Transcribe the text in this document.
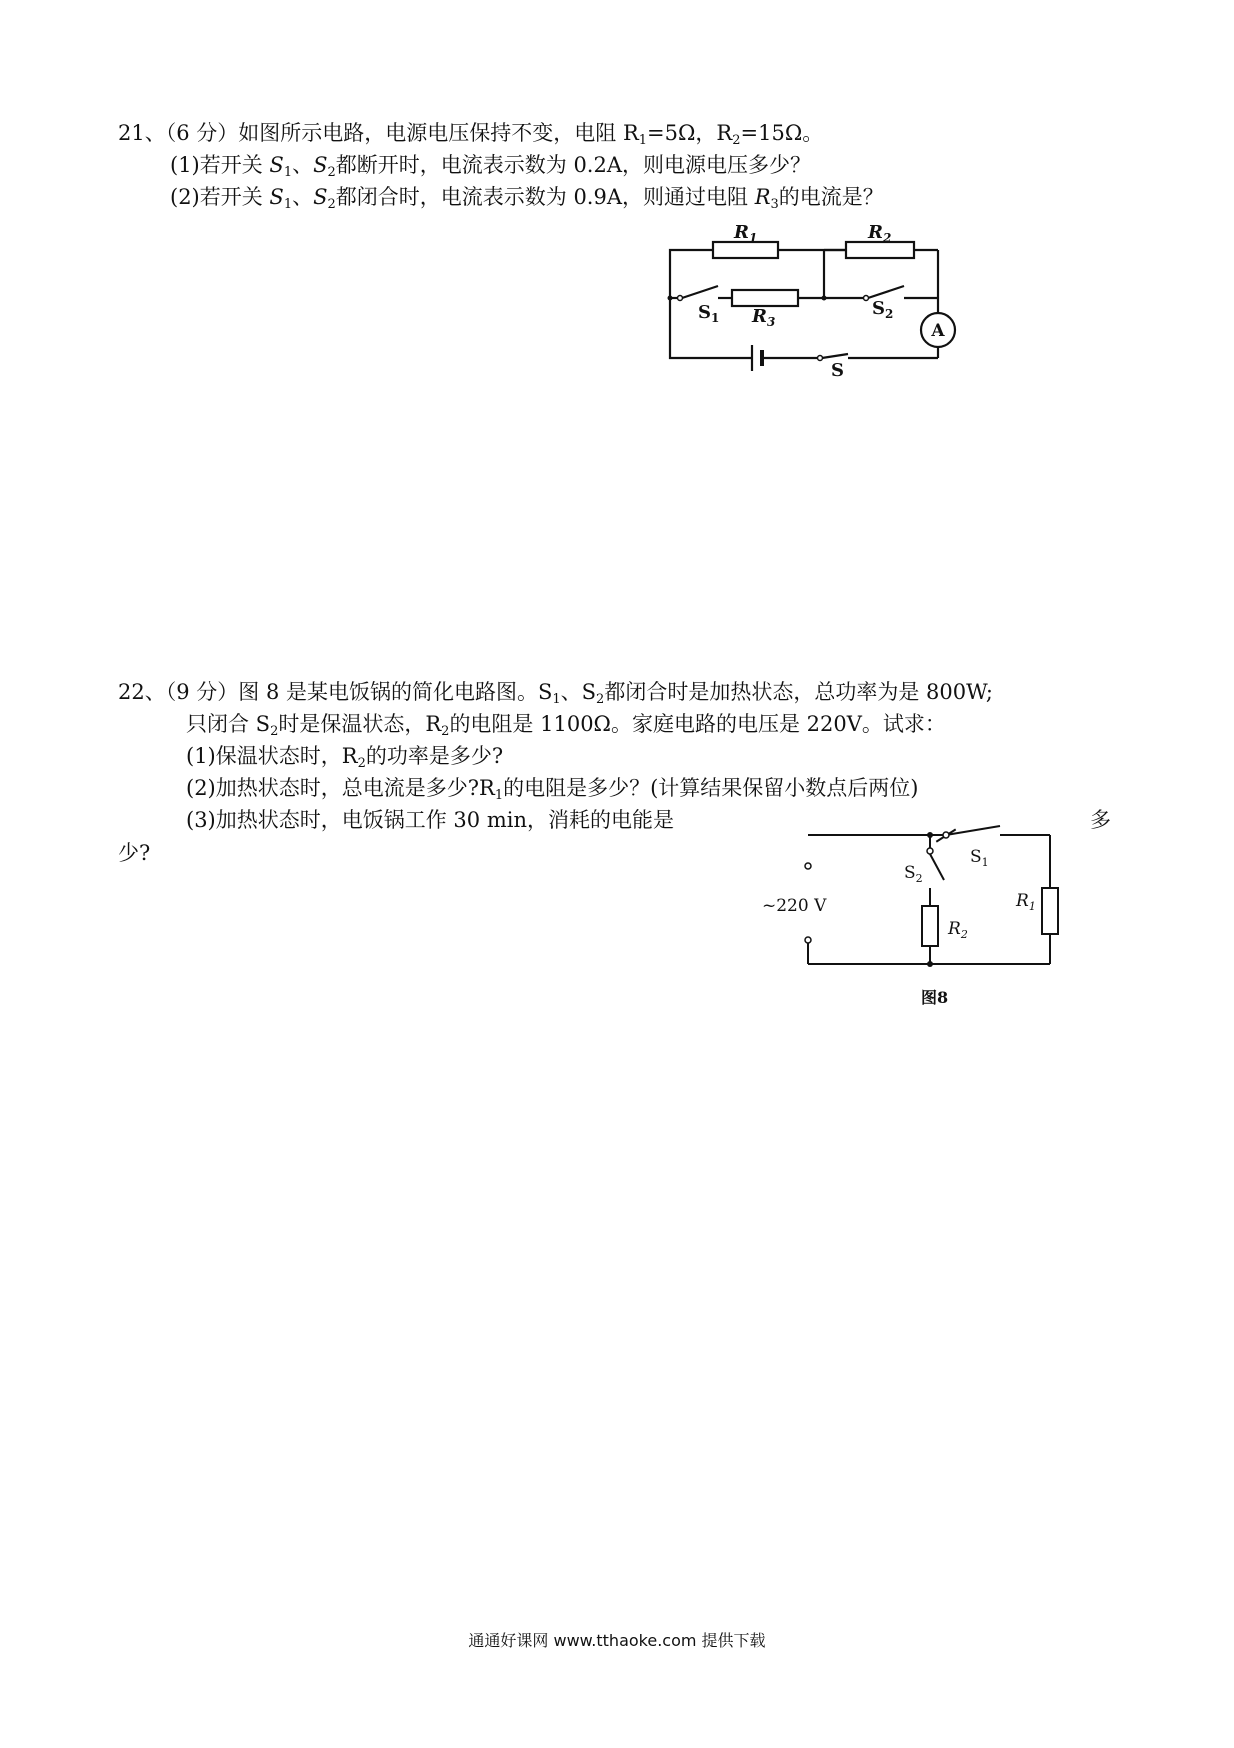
21、（6 分）如图所示电路，电源电压保持不变，电阻 $R_1=5\Omega$，$R_2=15\Omega$。
(1)若开关 $S_1$、$S_2$都断开时，电流表示数为 0.2A，则电源电压多少？
(2)若开关 $S_1$、$S_2$都闭合时，电流表示数为 0.9A，则通过电阻 $R_3$的电流是？
$R_1$	$R_2$
$R_3$
$S_1$	$S_2$
S
A
22、（9 分）图 8 是某电饭锅的简化电路图。$S_1$、$S_2$都闭合时是加热状态，总功率为是 800W;
只闭合 $S_2$时是保温状态，$R_2$的电阻是 1100Ω。家庭电路的电压是 220V。试求：
(1)保温状态时，$R_2$的功率是多少?
(2)加热状态时，总电流是多少$?R_1$的电阻是多少？(计算结果保留小数点后两位)
(3)加热状态时，电饭锅工作 30 min，消耗的电能是	多
少?
~220 V
$S_1$
$S_2$
$R_1$
$R_2$
图8
通通好课网 www.tthaoke.com 提供下载
